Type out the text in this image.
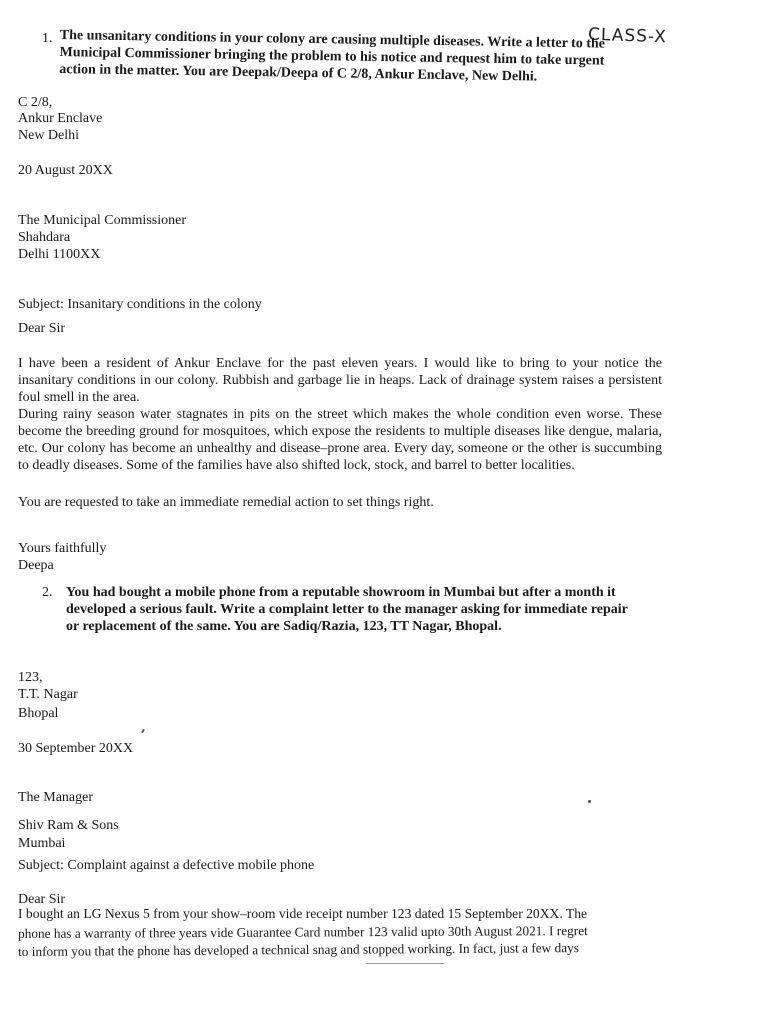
CLASS-X
1. The unsanitary conditions in your colony are causing multiple diseases. Write a letter to the
Municipal Commissioner bringing the problem to his notice and request him to take urgent
action in the matter. You are Deepak/Deepa of C 2/8, Ankur Enclave, New Delhi.
C 2/8,
Ankur Enclave
New Delhi
20 August 20XX
The Municipal Commissioner
Shahdara
Delhi 1100XX
Subject: Insanitary conditions in the colony
Dear Sir
I have been a resident of Ankur Enclave for the past eleven years. I would like to bring to your notice the insanitary conditions in our colony. Rubbish and garbage lie in heaps. Lack of drainage system raises a persistent foul smell in the area.
During rainy season water stagnates in pits on the street which makes the whole condition even worse. These become the breeding ground for mosquitoes, which expose the residents to multiple diseases like dengue, malaria, etc. Our colony has become an unhealthy and disease–prone area. Every day, someone or the other is succumbing to deadly diseases. Some of the families have also shifted lock, stock, and barrel to better localities.
You are requested to take an immediate remedial action to set things right.
Yours faithfully
Deepa
2. You had bought a mobile phone from a reputable showroom in Mumbai but after a month it
developed a serious fault. Write a complaint letter to the manager asking for immediate repair
or replacement of the same. You are Sadiq/Razia, 123, TT Nagar, Bhopal.
123,
T.T. Nagar
Bhopal
30 September 20XX
The Manager
Shiv Ram & Sons
Mumbai
Subject: Complaint against a defective mobile phone
Dear Sir
I bought an LG Nexus 5 from your show–room vide receipt number 123 dated 15 September 20XX. The
phone has a warranty of three years vide Guarantee Card number 123 valid upto 30th August 2021. I regret
to inform you that the phone has developed a technical snag and stopped working. In fact, just a few days
